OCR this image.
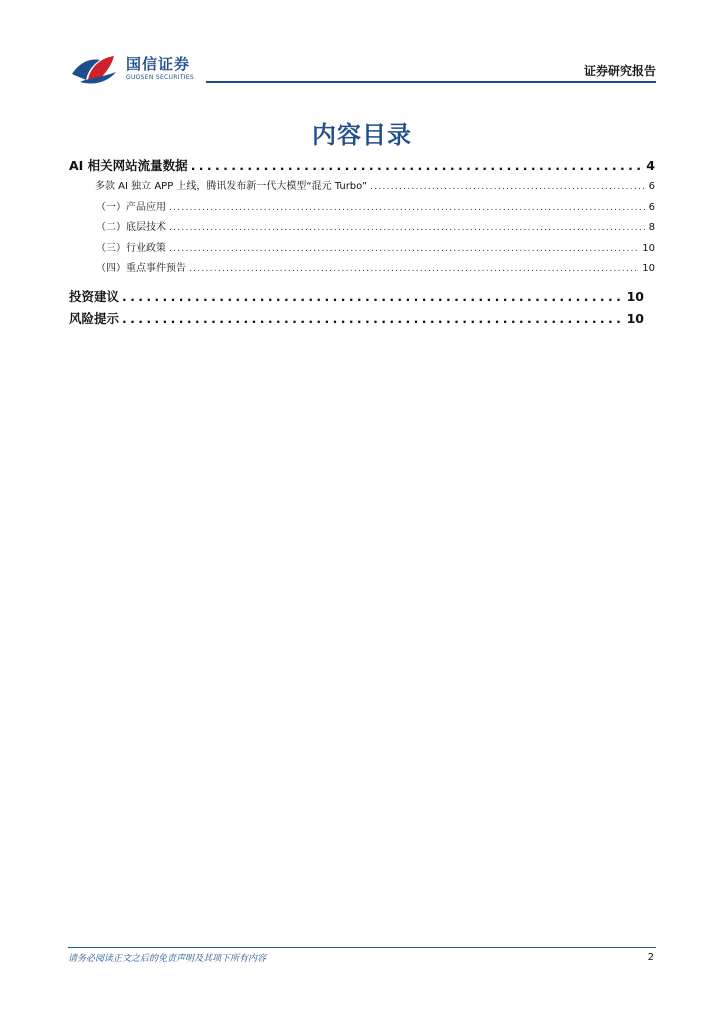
国信证券
GUOSEN SECURITIES	证券研究报告
内容目录
AI 相关网站流量数据 . . .	4
多款 AI 独立 APP 上线，腾讯发布新一代大模型“混元 Turbo” . . .	6
（一）产品应用 . . .	6
（二）底层技术 . . .	8
（三）行业政策 . . .	10
（四）重点事件预告 . . .	10
投资建议 . . .	10
风险提示 . . .	10
请务必阅读正文之后的免责声明及其项下所有内容	2
